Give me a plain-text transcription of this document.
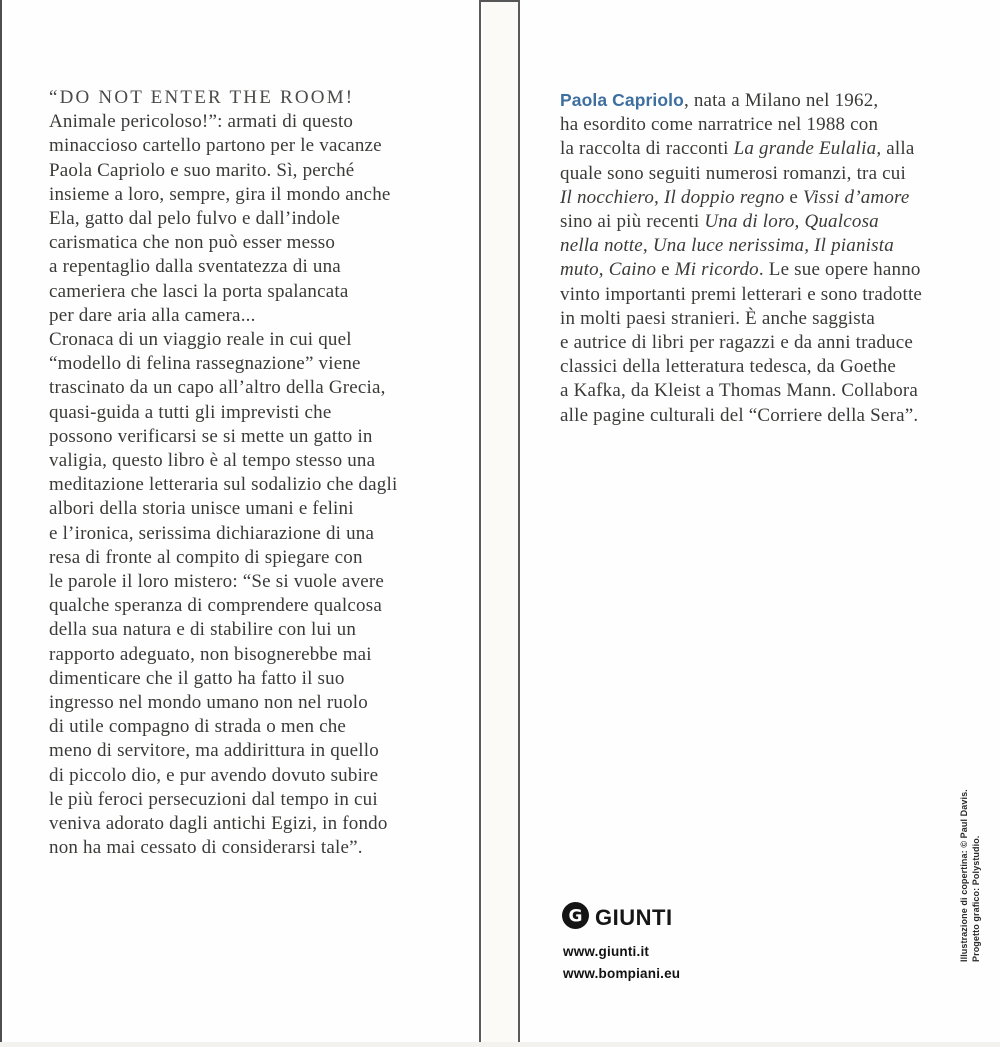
“DO NOT ENTER THE ROOM!
Animale pericoloso!”: armati di questo
minaccioso cartello partono per le vacanze
Paola Capriolo e suo marito. Sì, perché
insieme a loro, sempre, gira il mondo anche
Ela, gatto dal pelo fulvo e dall’indole
carismatica che non può esser messo
a repentaglio dalla sventatezza di una
cameriera che lasci la porta spalancata
per dare aria alla camera...
Cronaca di un viaggio reale in cui quel
“modello di felina rassegnazione” viene
trascinato da un capo all’altro della Grecia,
quasi-guida a tutti gli imprevisti che
possono verificarsi se si mette un gatto in
valigia, questo libro è al tempo stesso una
meditazione letteraria sul sodalizio che dagli
albori della storia unisce umani e felini
e l’ironica, serissima dichiarazione di una
resa di fronte al compito di spiegare con
le parole il loro mistero: “Se si vuole avere
qualche speranza di comprendere qualcosa
della sua natura e di stabilire con lui un
rapporto adeguato, non bisognerebbe mai
dimenticare che il gatto ha fatto il suo
ingresso nel mondo umano non nel ruolo
di utile compagno di strada o men che
meno di servitore, ma addirittura in quello
di piccolo dio, e pur avendo dovuto subire
le più feroci persecuzioni dal tempo in cui
veniva adorato dagli antichi Egizi, in fondo
non ha mai cessato di considerarsi tale”.
Paola Capriolo, nata a Milano nel 1962,
ha esordito come narratrice nel 1988 con
la raccolta di racconti La grande Eulalia, alla
quale sono seguiti numerosi romanzi, tra cui
Il nocchiero, Il doppio regno e Vissi d’amore
sino ai più recenti Una di loro, Qualcosa
nella notte, Una luce nerissima, Il pianista
muto, Caino e Mi ricordo. Le sue opere hanno
vinto importanti premi letterari e sono tradotte
in molti paesi stranieri. È anche saggista
e autrice di libri per ragazzi e da anni traduce
classici della letteratura tedesca, da Goethe
a Kafka, da Kleist a Thomas Mann. Collabora
alle pagine culturali del “Corriere della Sera”.
G GIUNTI
www.giunti.it
www.bompiani.eu
Illustrazione di copertina: © Paul Davis. Progetto grafico: Polystudio.
